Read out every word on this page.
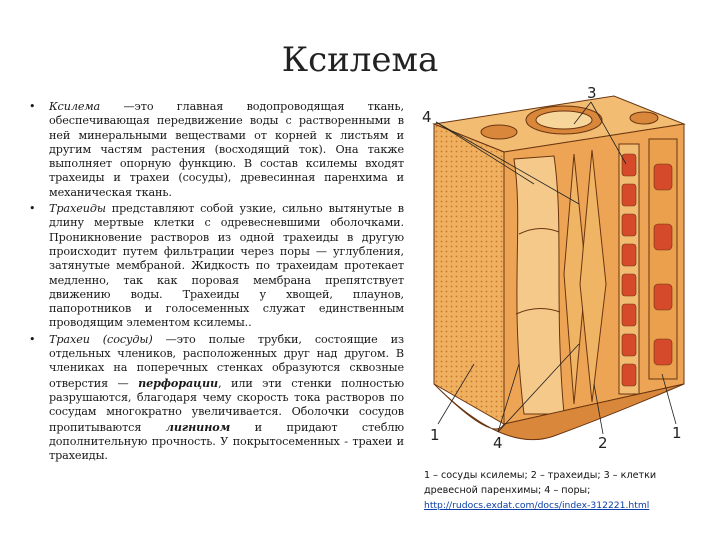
Ксилема
• Ксилема —это главная водопроводящая ткань, обеспечивающая передвижение воды с растворенными в ней минеральными веществами от корней к листьям и другим частям растения (восходящий ток). Она также выполняет опорную функцию. В состав ксилемы входят трахеиды и трахеи (сосуды), древесинная паренхима и механическая ткань.
• Трахеиды представляют собой узкие, сильно вытянутые в длину мертвые клетки с одревесневшими оболочками. Проникновение растворов из одной трахеиды в другую происходит путем фильтрации через поры — углубления, затянутые мембраной. Жидкость по трахеидам протекает медленно, так как поровая мембрана препятствует движению воды. Трахеиды у хвощей, плаунов, папоротников и голосеменных служат единственным проводящим элементом ксилемы..
• Трахеи (сосуды) —это полые трубки, состоящие из отдельных члеников, расположенных друг над другом. В члениках на поперечных стенках образуются сквозные отверстия — перфорации, или эти стенки полностью разрушаются, благодаря чему скорость тока растворов по сосудам многократно увеличивается. Оболочки сосудов пропитываются лигнином и придают стеблю дополнительную прочность. У покрытосеменных - трахеи и трахеиды.
3
4
1	4	2
1
1 – сосуды ксилемы; 2 – трахеиды; 3 – клетки древесной паренхимы; 4 – поры;
http://rudocs.exdat.com/docs/index-312221.html
